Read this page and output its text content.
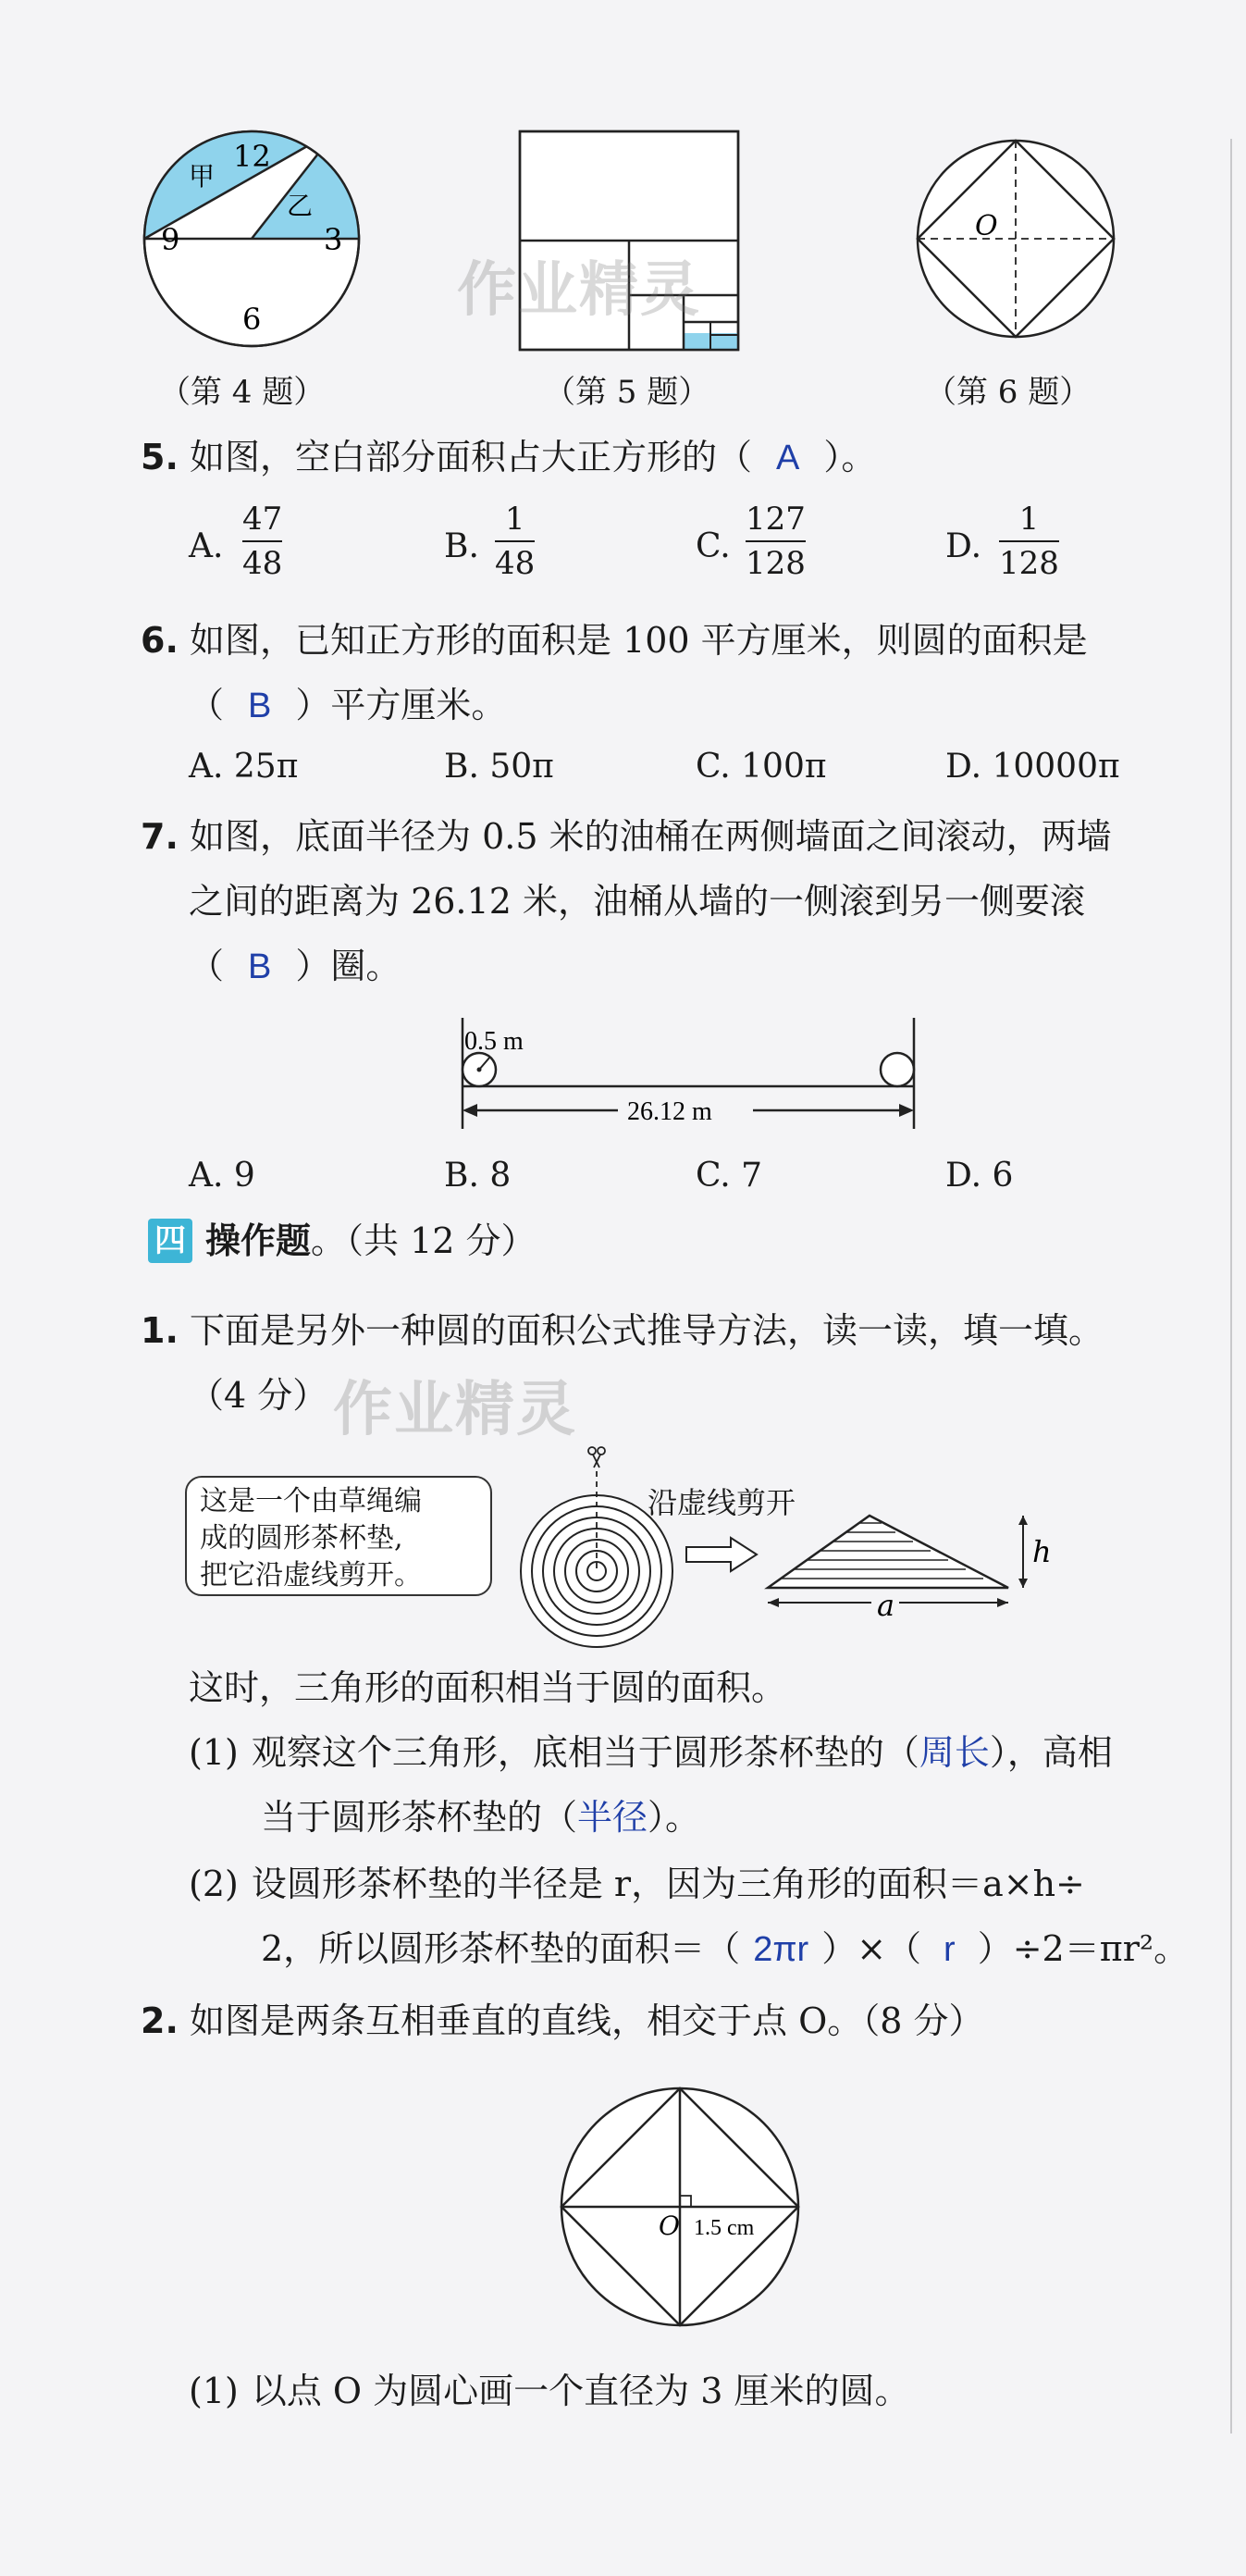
甲
乙
12
9	3
6
（第 4 题）	（第 5 题）
O
（第 6 题）
作业精灵
5. 如图，空白部分面积占大正方形的（ A ）。
A.
47
48	B.
1
48	C.
127
128	D.
1
128
6. 如图，已知正方形的面积是 100 平方厘米，则圆的面积是
（ B ）平方厘米。
A. 25π	B. 50π	C. 100π	D. 10000π
7. 如图，底面半径为 0.5 米的油桶在两侧墙面之间滚动，两墙
之间的距离为 26.12 米，油桶从墙的一侧滚到另一侧要滚
（ B ）圈。
0.5 m
26.12 m
A. 9	B. 8	C. 7	D. 6
四 操作题。（共 12 分）
1. 下面是另外一种圆的面积公式推导方法，读一读，填一填。
（4 分） 作业精灵
这是一个由草绳编
成的圆形茶杯垫,
把它沿虚线剪开。
沿虚线剪开
h
a
这时，三角形的面积相当于圆的面积。
(1) 观察这个三角形，底相当于圆形茶杯垫的（周长），高相
当于圆形茶杯垫的（半径）。
(2) 设圆形茶杯垫的半径是 r，因为三角形的面积＝a×h÷
2，所以圆形茶杯垫的面积＝（ 2πr ）×（ r ）÷2＝πr²。
2. 如图是两条互相垂直的直线，相交于点 O。（8 分）
O 1.5 cm
(1) 以点 O 为圆心画一个直径为 3 厘米的圆。
